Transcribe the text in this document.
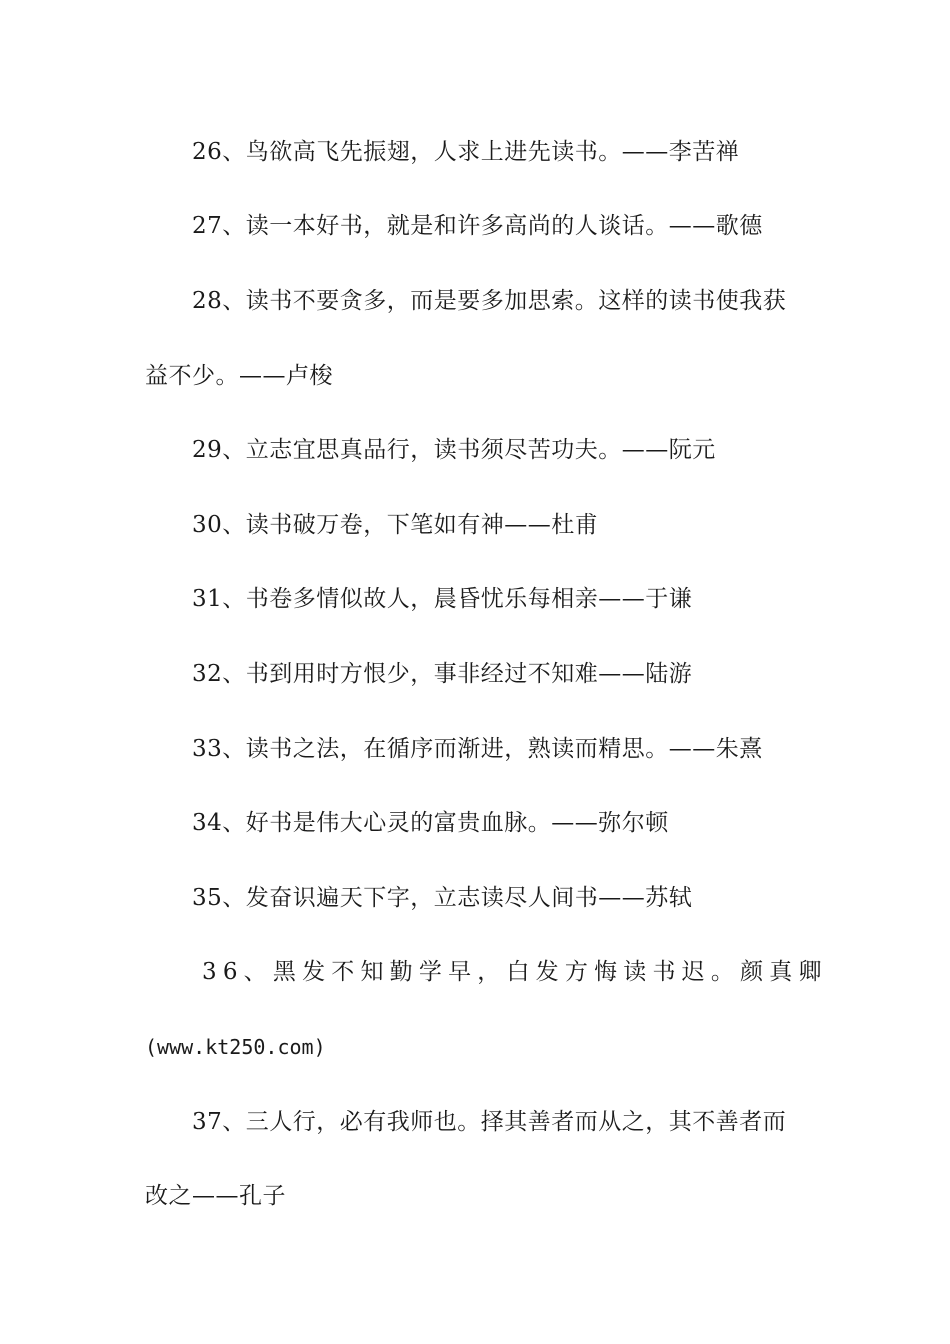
26、鸟欲高飞先振翅，人求上进先读书。——李苦禅
27、读一本好书，就是和许多高尚的人谈话。——歌德
28、读书不要贪多，而是要多加思索。这样的读书使我获
益不少。——卢梭
29、立志宜思真品行，读书须尽苦功夫。——阮元
30、读书破万卷，下笔如有神——杜甫
31、书卷多情似故人，晨昏忧乐每相亲——于谦
32、书到用时方恨少，事非经过不知难——陆游
33、读书之法，在循序而渐进，熟读而精思。——朱熹
34、好书是伟大心灵的富贵血脉。——弥尔顿
35、发奋识遍天下字，立志读尽人间书——苏轼
36、黑发不知勤学早，白发方悔读书迟。颜真卿
(www.kt250.com)
37、三人行，必有我师也。择其善者而从之，其不善者而
改之——孔子
